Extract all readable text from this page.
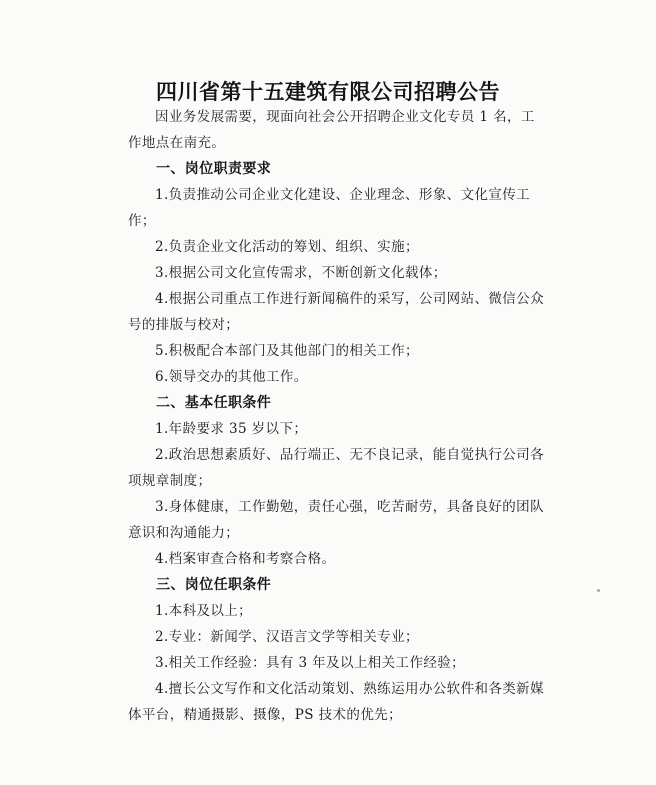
四川省第十五建筑有限公司招聘公告

因业务发展需要，现面向社会公开招聘企业文化专员 1 名，工作地点在南充。

一、岗位职责要求

1.负责推动公司企业文化建设、企业理念、形象、文化宣传工作；

2.负责企业文化活动的筹划、组织、实施；

3.根据公司文化宣传需求，不断创新文化载体；

4.根据公司重点工作进行新闻稿件的采写，公司网站、微信公众号的排版与校对；

5.积极配合本部门及其他部门的相关工作；

6.领导交办的其他工作。

二、基本任职条件

1.年龄要求 35 岁以下；

2.政治思想素质好、品行端正、无不良记录，能自觉执行公司各项规章制度；

3.身体健康，工作勤勉，责任心强，吃苦耐劳，具备良好的团队意识和沟通能力；

4.档案审查合格和考察合格。

三、岗位任职条件

1.本科及以上；

2.专业：新闻学、汉语言文学等相关专业；

3.相关工作经验：具有 3 年及以上相关工作经验；

4.擅长公文写作和文化活动策划、熟练运用办公软件和各类新媒体平台，精通摄影、摄像，PS 技术的优先；
